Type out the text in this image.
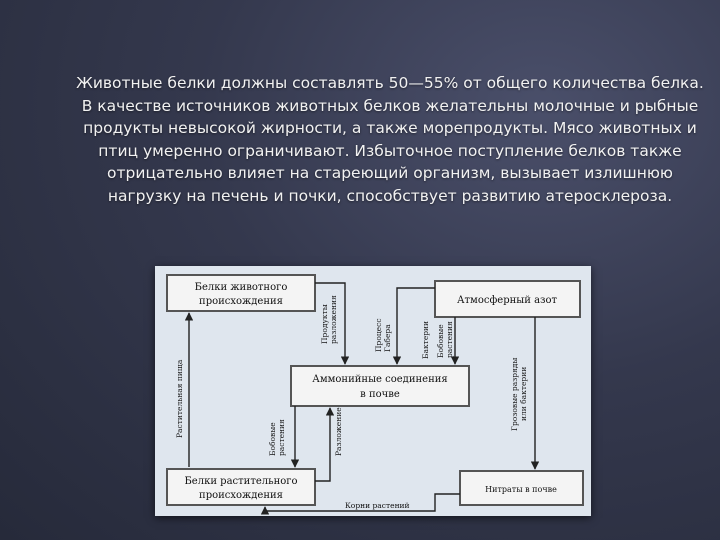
Животные белки должны составлять 50—55% от общего количества белка. В качестве источников животных белков желательны молочные и рыбные продукты невысокой жирности, а также морепродукты. Мясо животных и птиц умеренно ограничивают. Избыточное поступление белков также отрицательно влияет на стареющий организм, вызывает излишнюю нагрузку на печень и почки, способствует развитию атеросклероза.
Белки животного
происхождения	Атмосферный азот
Аммонийные соединения
в почве
Белки растительного
происхождения
Нитраты в почве
Продукты разложения	Процесс Габера	Бактерии Бобовые растения
Растительная пища
Бобовые растения	Разложение
Грозовые разряды или бактерии
Корни растений
